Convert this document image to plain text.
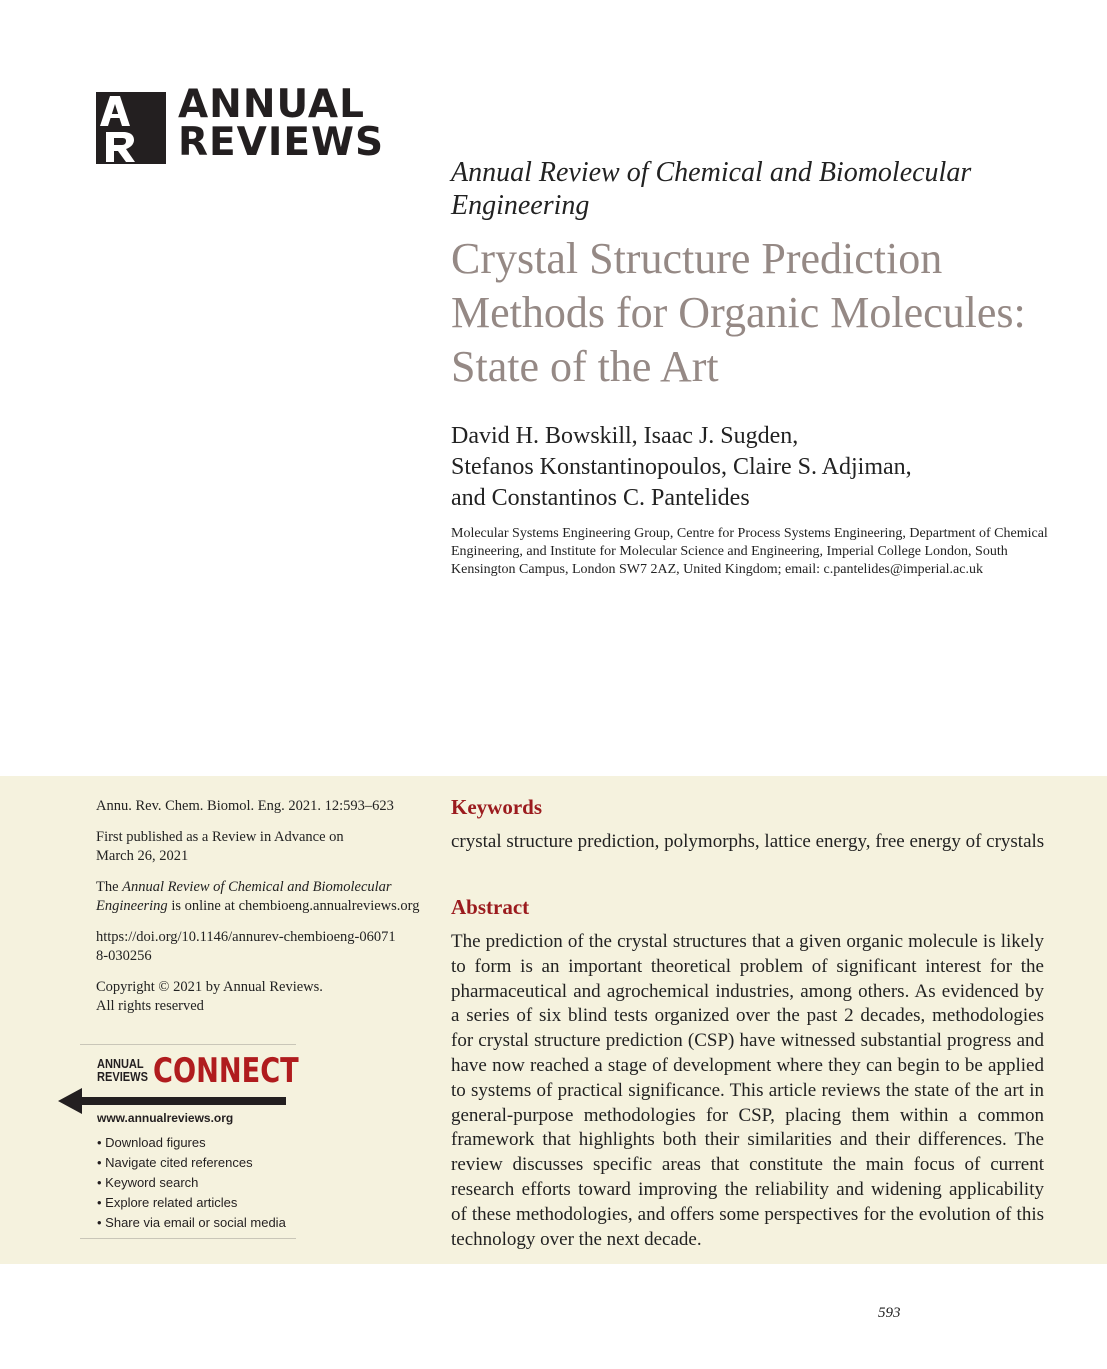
ANNUAL
REVIEWS
Annual Review of Chemical and Biomolecular Engineering
Crystal Structure Prediction Methods for Organic Molecules: State of the Art
David H. Bowskill, Isaac J. Sugden,
Stefanos Konstantinopoulos, Claire S. Adjiman,
and Constantinos C. Pantelides
Molecular Systems Engineering Group, Centre for Process Systems Engineering, Department of Chemical Engineering, and Institute for Molecular Science and Engineering, Imperial College London, South Kensington Campus, London SW7 2AZ, United Kingdom; email: c.pantelides@imperial.ac.uk

Annu. Rev. Chem. Biomol. Eng. 2021. 12:593–623

First published as a Review in Advance on March 26, 2021

The Annual Review of Chemical and Biomolecular Engineering is online at chembioeng.annualreviews.org

https://doi.org/10.1146/annurev-chembioeng-060718-030256

Copyright © 2021 by Annual Reviews.

All rights reserved

ANNUAL
REVIEWS CONNECT
www.annualreviews.org
• Download figures
• Navigate cited references
• Keyword search
• Explore related articles
• Share via email or social media
Keywords
crystal structure prediction, polymorphs, lattice energy, free energy of crystals
Abstract
The prediction of the crystal structures that a given organic molecule is likely to form is an important theoretical problem of significant interest for the pharmaceutical and agrochemical industries, among others. As evidenced by a series of six blind tests organized over the past 2 decades, methodologies for crystal structure prediction (CSP) have witnessed substantial progress and have now reached a stage of development where they can begin to be applied to systems of practical significance. This article reviews the state of the art in general-purpose methodologies for CSP, placing them within a common framework that highlights both their similarities and their differences. The review discusses specific areas that constitute the main focus of current research efforts toward improving the reliability and widening applicability of these methodologies, and offers some perspectives for the evolution of this technology over the next decade.
593
